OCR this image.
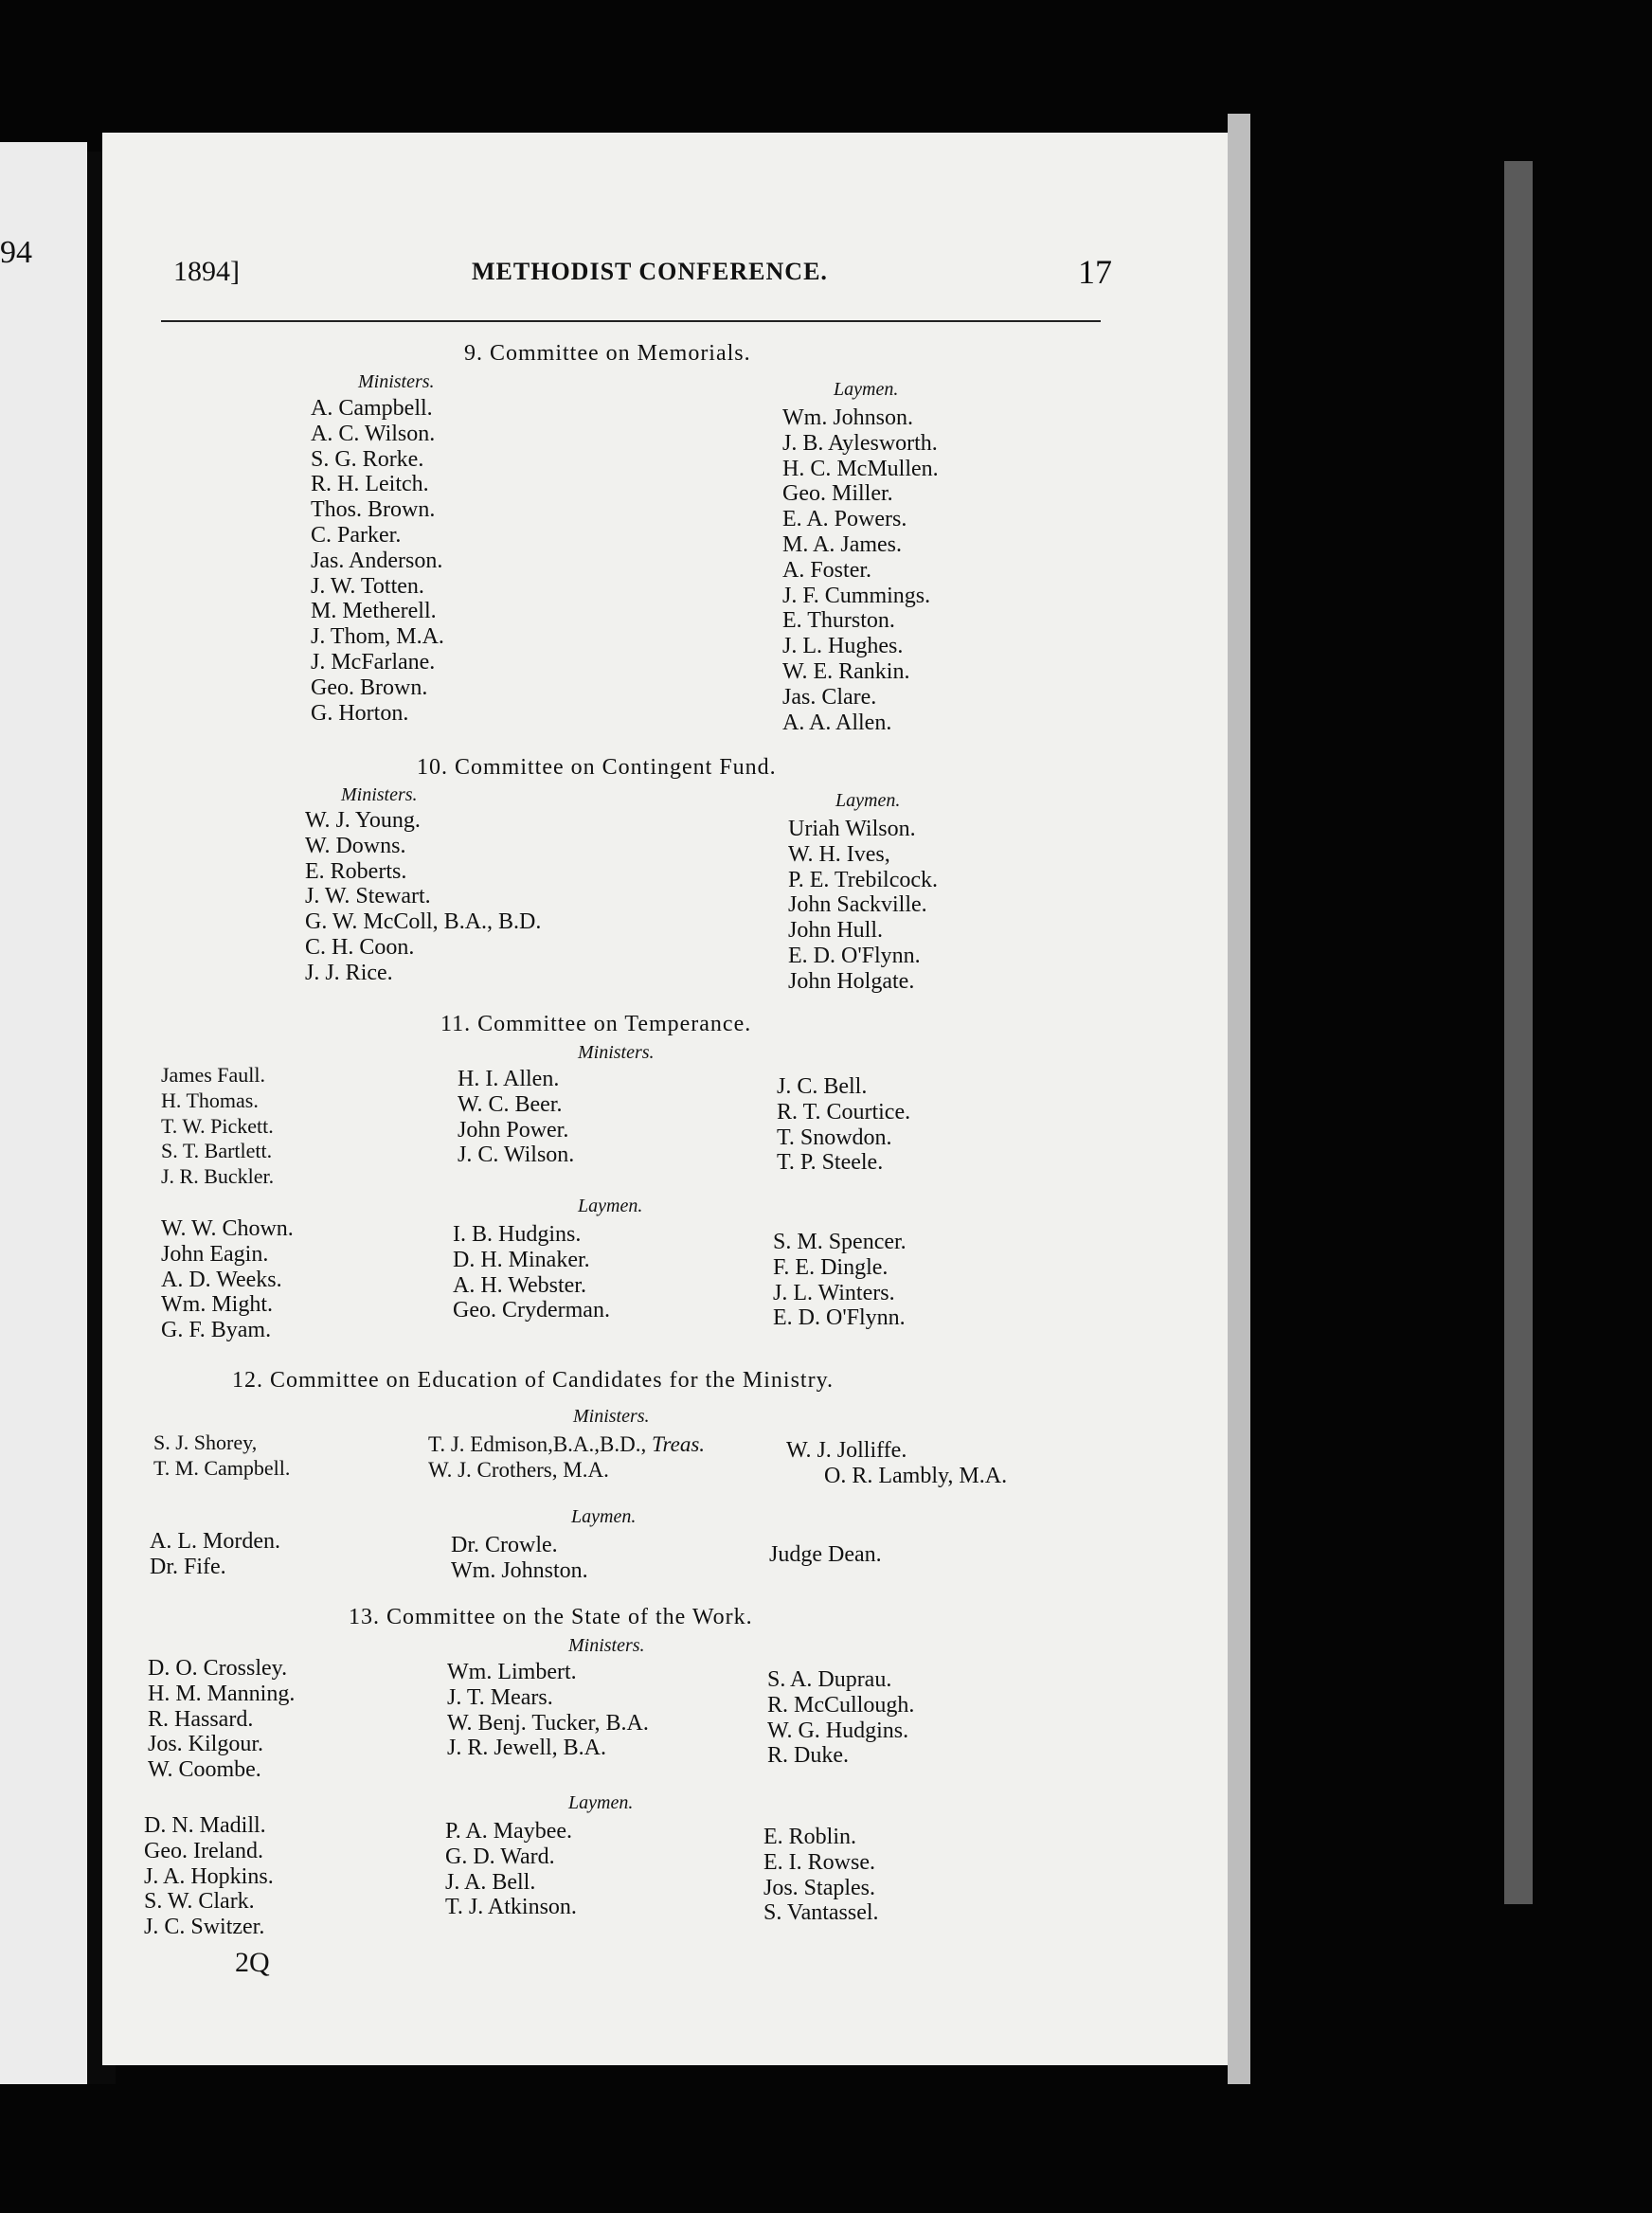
94
1894]	METHODIST CONFERENCE.	17
9. Committee on Memorials.
Ministers.	Laymen.
A. Campbell.
A. C. Wilson.
S. G. Rorke.
R. H. Leitch.
Thos. Brown.
C. Parker.
Jas. Anderson.
J. W. Totten.
M. Metherell.
J. Thom, M.A.
J. McFarlane.
Geo. Brown.
G. Horton.
Wm. Johnson.
J. B. Aylesworth.
H. C. McMullen.
Geo. Miller.
E. A. Powers.
M. A. James.
A. Foster.
J. F. Cummings.
E. Thurston.
J. L. Hughes.
W. E. Rankin.
Jas. Clare.
A. A. Allen.
10. Committee on Contingent Fund.
Ministers.	Laymen.
W. J. Young.
W. Downs.
E. Roberts.
J. W. Stewart.
G. W. McColl, B.A., B.D.
C. H. Coon.
J. J. Rice.
Uriah Wilson.
W. H. Ives,
P. E. Trebilcock.
John Sackville.
John Hull.
E. D. O'Flynn.
John Holgate.
11. Committee on Temperance.
Ministers.
James Faull.
H. Thomas.
T. W. Pickett.
S. T. Bartlett.
J. R. Buckler.
H. I. Allen.
W. C. Beer.
John Power.
J. C. Wilson.
J. C. Bell.
R. T. Courtice.
T. Snowdon.
T. P. Steele.
Laymen.
W. W. Chown.
John Eagin.
A. D. Weeks.
Wm. Might.
G. F. Byam.
I. B. Hudgins.
D. H. Minaker.
A. H. Webster.
Geo. Cryderman.
S. M. Spencer.
F. E. Dingle.
J. L. Winters.
E. D. O'Flynn.
12. Committee on Education of Candidates for the Ministry.
Ministers.
S. J. Shorey,
T. M. Campbell.
T. J. Edmison,B.A.,B.D., Treas.
W. J. Crothers, M.A.
W. J. Jolliffe.
O. R. Lambly, M.A.
Laymen.
A. L. Morden.
Dr. Fife.
Dr. Crowle.
Wm. Johnston.
Judge Dean.
13. Committee on the State of the Work.
Ministers.
D. O. Crossley.
H. M. Manning.
R. Hassard.
Jos. Kilgour.
W. Coombe.
Wm. Limbert.
J. T. Mears.
W. Benj. Tucker, B.A.
J. R. Jewell, B.A.
S. A. Duprau.
R. McCullough.
W. G. Hudgins.
R. Duke.
Laymen.
D. N. Madill.
Geo. Ireland.
J. A. Hopkins.
S. W. Clark.
J. C. Switzer.
P. A. Maybee.
G. D. Ward.
J. A. Bell.
T. J. Atkinson.
E. Roblin.
E. I. Rowse.
Jos. Staples.
S. Vantassel.
2Q
